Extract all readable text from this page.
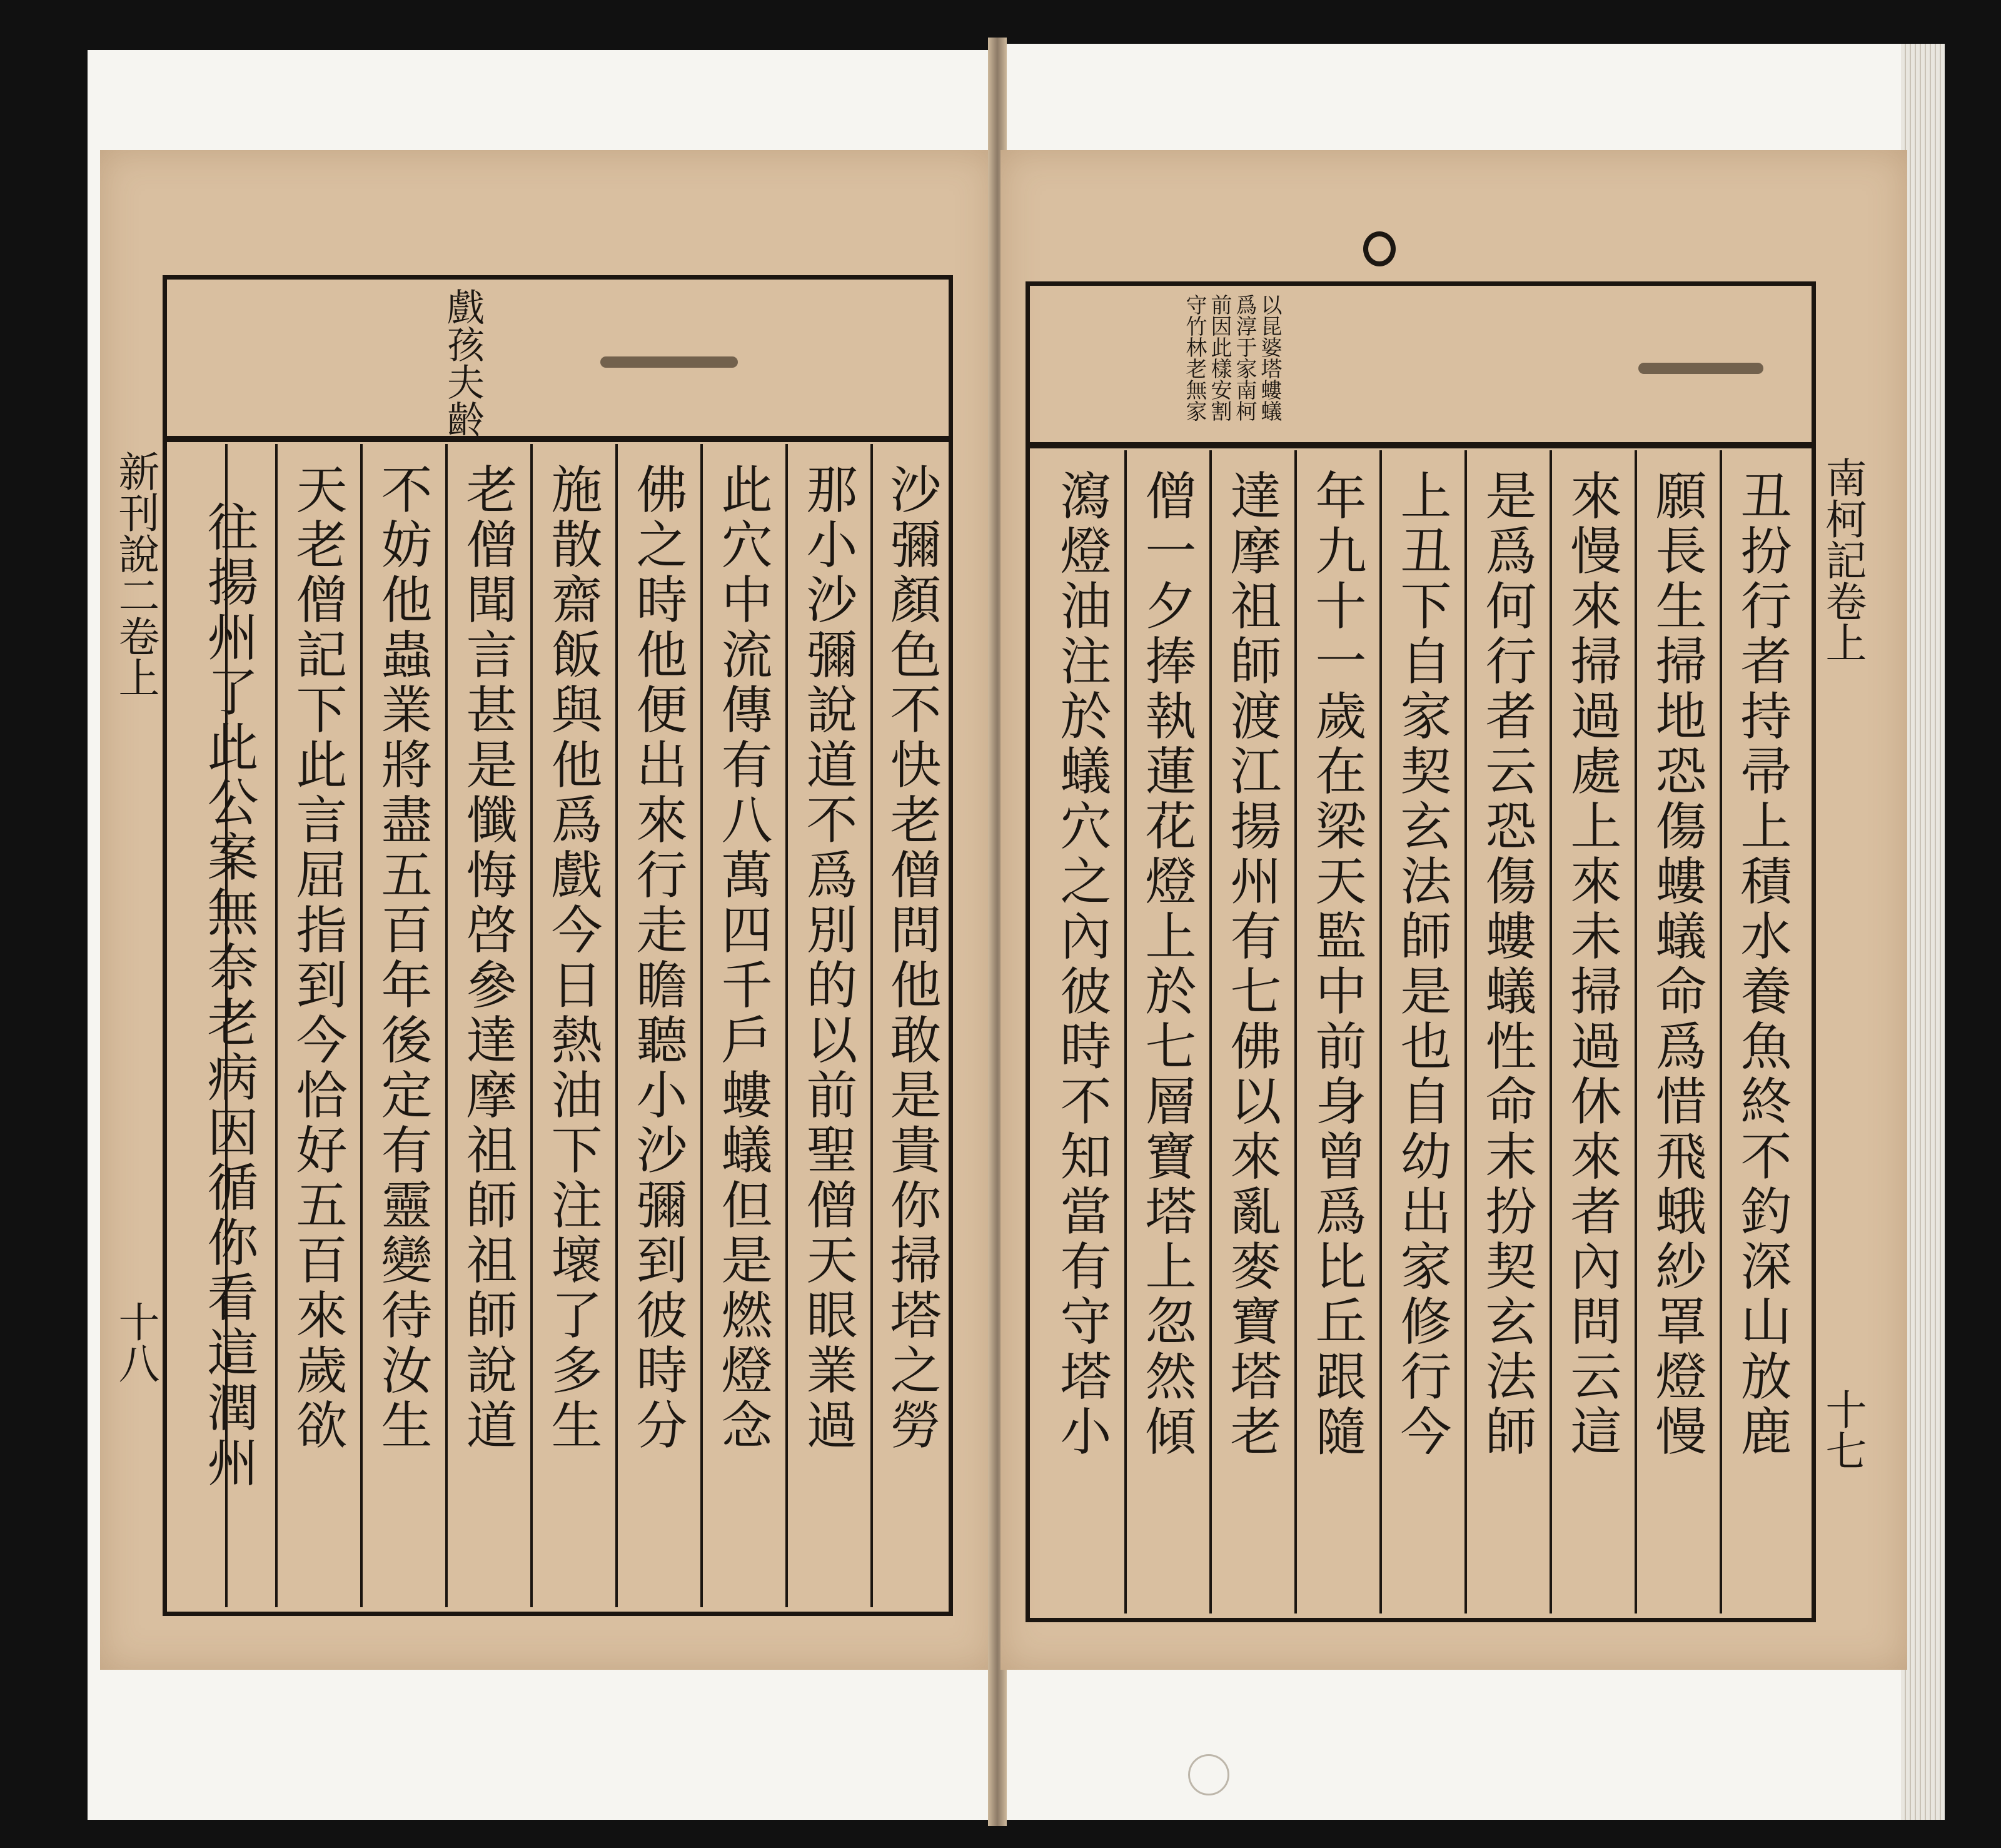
戲孩夫齡
新刊說二卷上
十八	沙彌顏色不快老僧問他敢是貴你掃塔之勞
那小沙彌說道不爲別的以前聖僧天眼業過
此穴中流傳有八萬四千戶螻蟻但是燃燈念
佛之時他便出來行走瞻聽小沙彌到彼時分
施散齋飯與他爲戲今日熱油下注壞了多生
老僧聞言甚是懺悔啓參達摩祖師祖師說道
不妨他蟲業將盡五百年後定有靈變待汝生
天老僧記下此言屈指到今恰好五百來歲欲
往揚州了此公案無奈老病因循你看這潤州
以昆婆塔螻蟻爲淳于家南柯前因此樣安割守竹林老無家
南柯記卷上
十七
丑扮行者持帚上積水養魚終不釣深山放鹿
願長生掃地恐傷螻蟻命爲惜飛蛾紗罩燈慢
來慢來掃過處上來未掃過休來者內問云這
是爲何行者云恐傷螻蟻性命末扮契玄法師
上丑下自家契玄法師是也自幼出家修行今
年九十一歲在梁天監中前身曾爲比丘跟隨
達摩祖師渡江揚州有七佛以來亂麥寶塔老
僧一夕捧執蓮花燈上於七層寶塔上忽然傾
瀉燈油注於蟻穴之內彼時不知當有守塔小
